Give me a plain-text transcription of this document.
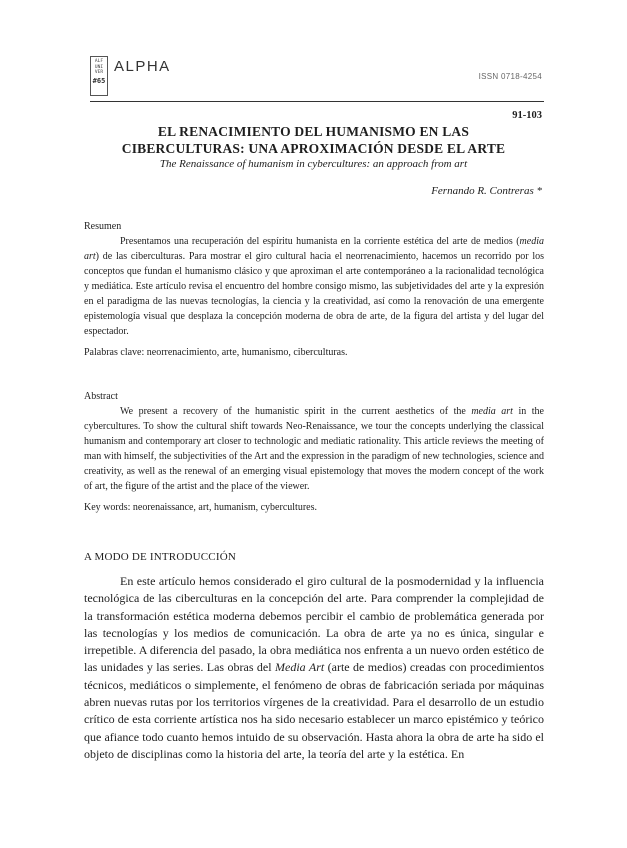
ALF
UNI
VER
#65
ALPHA
ISSN 0718-4254
91-103
EL RENACIMIENTO DEL HUMANISMO EN LAS
CIBERCULTURAS: UNA APROXIMACIÓN DESDE EL ARTE
The Renaissance of humanism in cybercultures: an approach from art
Fernando R. Contreras *
Resumen

Presentamos una recuperación del espíritu humanista en la corriente estética del arte de medios (media art) de las ciberculturas. Para mostrar el giro cultural hacia el neorrenacimiento, hacemos un recorrido por los conceptos que fundan el humanismo clásico y que aproximan el arte contemporáneo a la racionalidad tecnológica y mediática. Este artículo revisa el encuentro del hombre consigo mismo, las subjetividades del arte y la expresión en el paradigma de las nuevas tecnologías, la ciencia y la creatividad, así como la renovación de una emergente epistemología visual que desplaza la concepción moderna de obra de arte, de la figura del artista y del lugar del espectador.

Palabras clave: neorrenacimiento, arte, humanismo, ciberculturas.

Abstract

We present a recovery of the humanistic spirit in the current aesthetics of the media art in the cybercultures. To show the cultural shift towards Neo-Renaissance, we tour the concepts underlying the classical humanism and contemporary art closer to technologic and mediatic rationality. This article reviews the meeting of man with himself, the subjectivities of the Art and the expression in the paradigm of new technologies, science and creativity, as well as the renewal of an emerging visual epistemology that moves the modern concept of the work of art, the figure of the artist and the place of the viewer.

Key words: neorenaissance, art, humanism, cybercultures.

A MODO DE INTRODUCCIÓN

En este artículo hemos considerado el giro cultural de la posmodernidad y la influencia tecnológica de las ciberculturas en la concepción del arte. Para comprender la complejidad de la transformación estética moderna debemos percibir el cambio de problemática generada por las tecnologías y los medios de comunicación. La obra de arte ya no es única, singular e irrepetible. A diferencia del pasado, la obra mediática nos enfrenta a un nuevo orden estético de las unidades y las series. Las obras del Media Art (arte de medios) creadas con procedimientos técnicos, mediáticos o simplemente, el fenómeno de obras de fabricación seriada por máquinas abren nuevas rutas por los territorios vírgenes de la creatividad. Para el desarrollo de un estudio crítico de esta corriente artística nos ha sido necesario establecer un marco epistémico y teórico que afiance todo cuanto hemos intuido de su observación. Hasta ahora la obra de arte ha sido el objeto de disciplinas como la historia del arte, la teoría del arte y la estética. En
